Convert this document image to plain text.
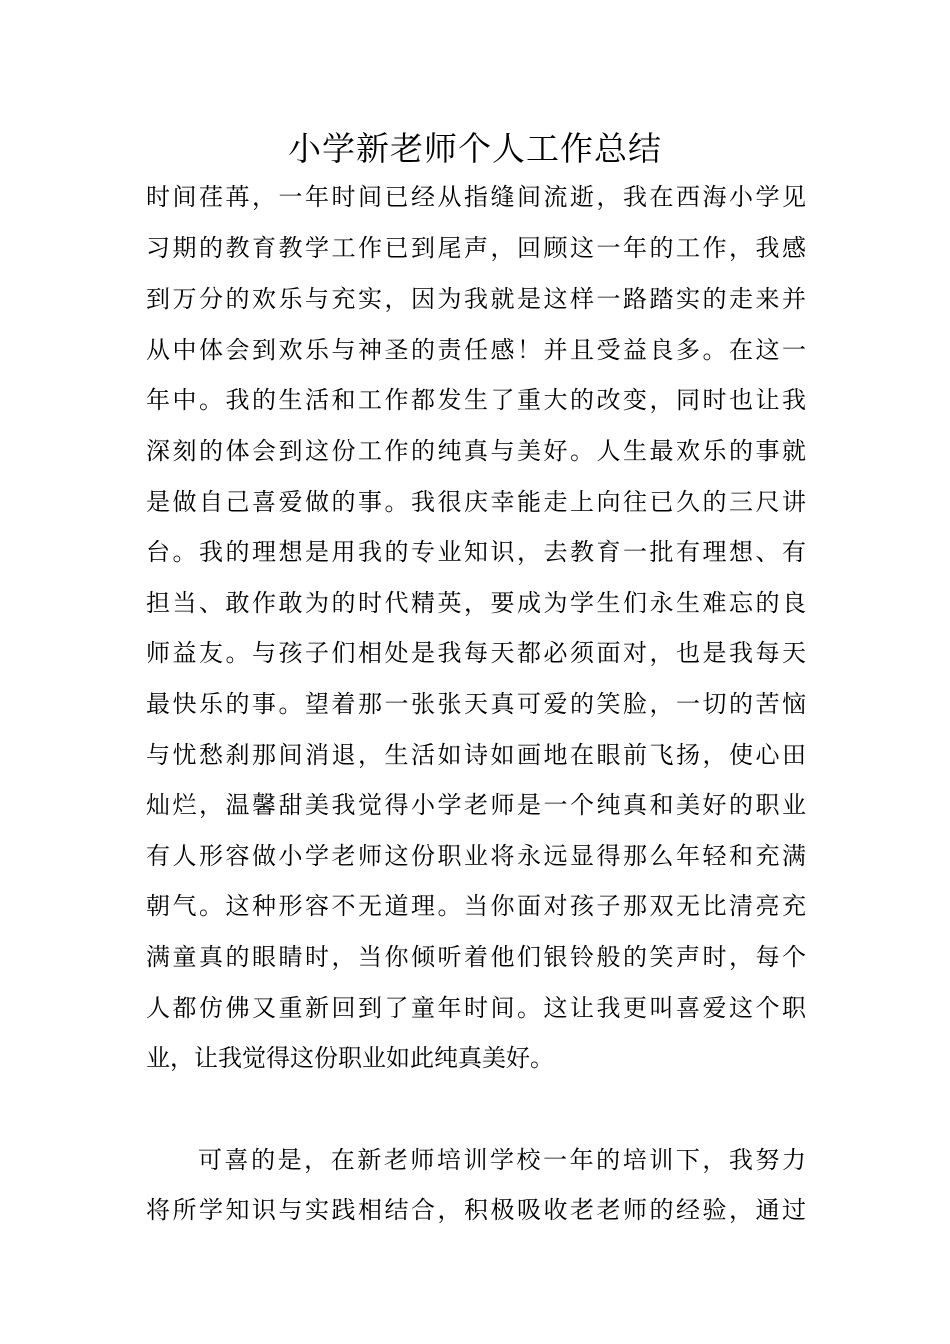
小学新老师个人工作总结
时间荏苒，一年时间已经从指缝间流逝，我在西海小学见
习期的教育教学工作已到尾声，回顾这一年的工作，我感
到万分的欢乐与充实，因为我就是这样一路踏实的走来并
从中体会到欢乐与神圣的责任感！并且受益良多。在这一
年中。我的生活和工作都发生了重大的改变，同时也让我
深刻的体会到这份工作的纯真与美好。人生最欢乐的事就
是做自己喜爱做的事。我很庆幸能走上向往已久的三尺讲
台。我的理想是用我的专业知识，去教育一批有理想、有
担当、敢作敢为的时代精英，要成为学生们永生难忘的良
师益友。与孩子们相处是我每天都必须面对，也是我每天
最快乐的事。望着那一张张天真可爱的笑脸，一切的苦恼
与忧愁刹那间消退，生活如诗如画地在眼前飞扬，使心田
灿烂，温馨甜美我觉得小学老师是一个纯真和美好的职业
有人形容做小学老师这份职业将永远显得那么年轻和充满
朝气。这种形容不无道理。当你面对孩子那双无比清亮充
满童真的眼睛时，当你倾听着他们银铃般的笑声时，每个
人都仿佛又重新回到了童年时间。这让我更叫喜爱这个职
业，让我觉得这份职业如此纯真美好。
可喜的是，在新老师培训学校一年的培训下，我努力
将所学知识与实践相结合，积极吸收老老师的经验，通过
